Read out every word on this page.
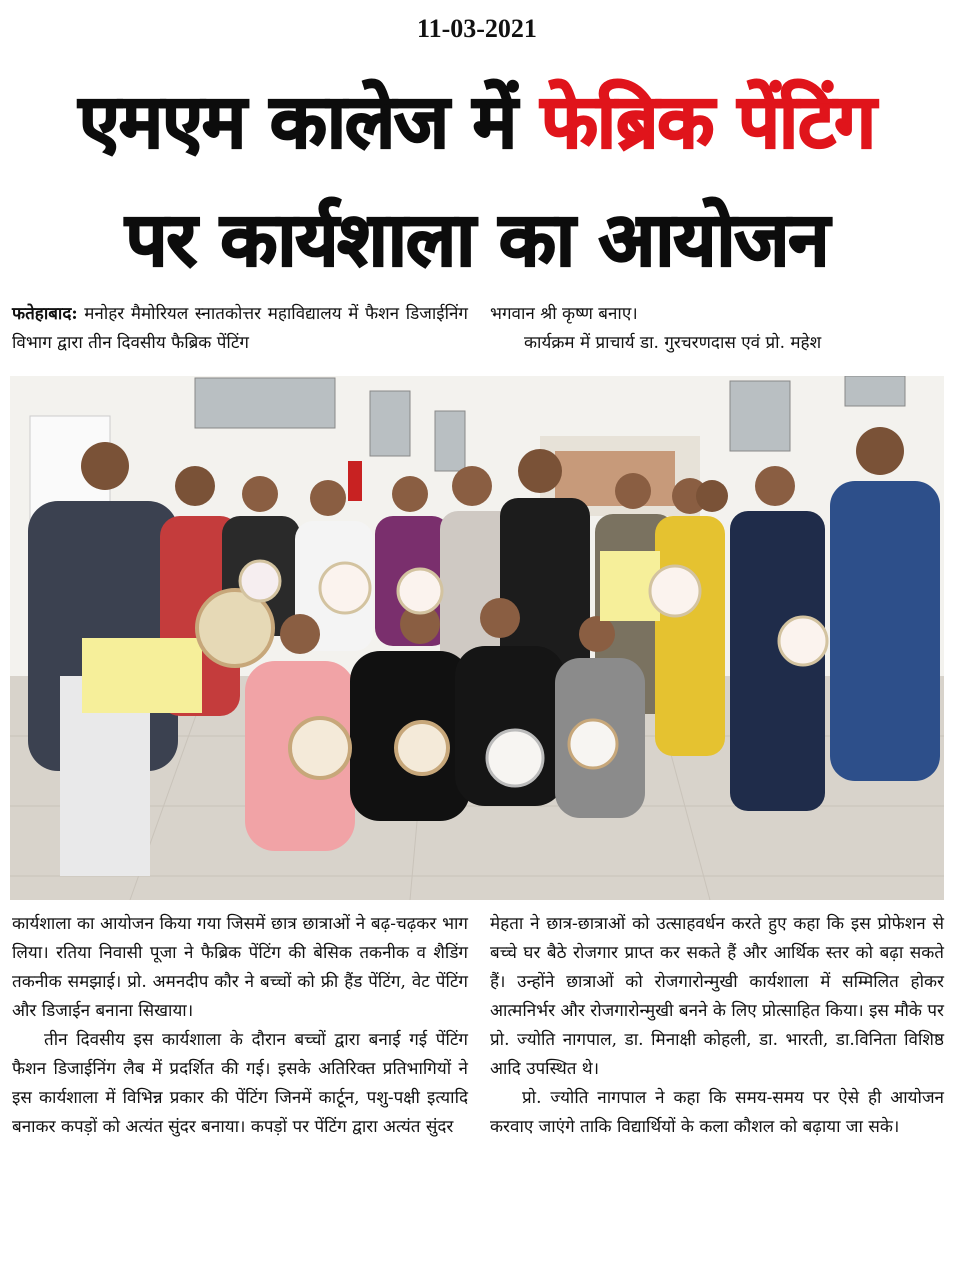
11-03-2021
एमएम कालेज में फेब्रिक पेंटिंग
पर कार्यशाला का आयोजन

फतेहाबाद: मनोहर मैमोरियल स्नातकोत्तर महाविद्यालय में फैशन डिजाईनिंग विभाग द्वारा तीन दिवसीय फैब्रिक पेंटिंग

भगवान श्री कृष्ण बनाए।

कार्यक्रम में प्राचार्य डा. गुरचरणदास एवं प्रो. महेश

कार्यशाला का आयोजन किया गया जिसमें छात्र छात्राओं ने बढ़-चढ़कर भाग लिया। रतिया निवासी पूजा ने फैब्रिक पेंटिंग की बेसिक तकनीक व शैडिंग तकनीक समझाई। प्रो. अमनदीप कौर ने बच्चों को फ्री हैंड पेंटिंग, वेट पेंटिंग और डिजाईन बनाना सिखाया।

तीन दिवसीय इस कार्यशाला के दौरान बच्चों द्वारा बनाई गई पेंटिंग फैशन डिजाईनिंग लैब में प्रदर्शित की गई। इसके अतिरिक्त प्रतिभागियों ने इस कार्यशाला में विभिन्न प्रकार की पेंटिंग जिनमें कार्टून, पशु-पक्षी इत्यादि बनाकर कपड़ों को अत्यंत सुंदर बनाया। कपड़ों पर पेंटिंग द्वारा अत्यंत सुंदर

मेहता ने छात्र-छात्राओं को उत्साहवर्धन करते हुए कहा कि इस प्रोफेशन से बच्चे घर बैठे रोजगार प्राप्त कर सकते हैं और आर्थिक स्तर को बढ़ा सकते हैं। उन्होंने छात्राओं को रोजगारोन्मुखी कार्यशाला में सम्मिलित होकर आत्मनिर्भर और रोजगारोन्मुखी बनने के लिए प्रोत्साहित किया। इस मौके पर प्रो. ज्योति नागपाल, डा. मिनाक्षी कोहली, डा. भारती, डा.विनिता विशिष्ठ आदि उपस्थित थे।

प्रो. ज्योति नागपाल ने कहा कि समय-समय पर ऐसे ही आयोजन करवाए जाएंगे ताकि विद्यार्थियों के कला कौशल को बढ़ाया जा सके।
